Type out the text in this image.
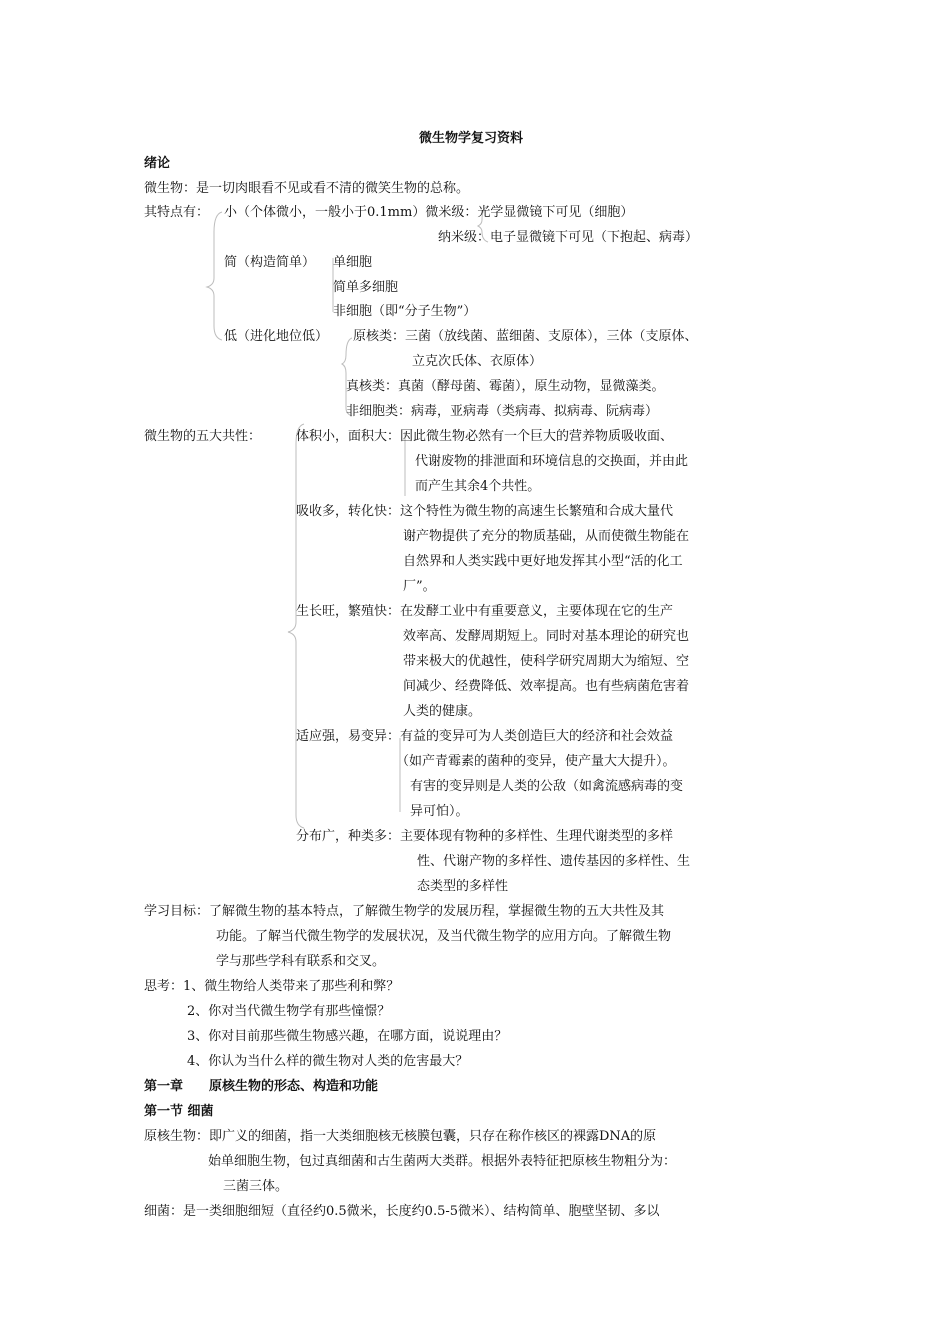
微生物学复习资料
绪论
微生物：是一切肉眼看不见或看不清的微笑生物的总称。
其特点有： 小（个体微小，一般小于0.1mm）微米级：光学显微镜下可见（细胞）
纳米级：电子显微镜下可见（下抱起、病毒）
简（构造简单） 单细胞
简单多细胞
非细胞（即“分子生物”）
低（进化地位低） 原核类：三菌（放线菌、蓝细菌、支原体），三体（支原体、
立克次氏体、衣原体）
真核类：真菌（酵母菌、霉菌），原生动物，显微藻类。
非细胞类：病毒，亚病毒（类病毒、拟病毒、阮病毒）
微生物的五大共性：	体积小，面积大：因此微生物必然有一个巨大的营养物质吸收面、
代谢废物的排泄面和环境信息的交换面，并由此
而产生其余4个共性。
吸收多，转化快：这个特性为微生物的高速生长繁殖和合成大量代
谢产物提供了充分的物质基础，从而使微生物能在
自然界和人类实践中更好地发挥其小型“活的化工
厂”。
生长旺，繁殖快：在发酵工业中有重要意义，主要体现在它的生产
效率高、发酵周期短上。同时对基本理论的研究也
带来极大的优越性，使科学研究周期大为缩短、空
间减少、经费降低、效率提高。也有些病菌危害着
人类的健康。
适应强，易变异：有益的变异可为人类创造巨大的经济和社会效益
（如产青霉素的菌种的变异，使产量大大提升）。
有害的变异则是人类的公敌（如禽流感病毒的变
异可怕）。
分布广，种类多：主要体现有物种的多样性、生理代谢类型的多样
性、代谢产物的多样性、遗传基因的多样性、生
态类型的多样性
学习目标：了解微生物的基本特点，了解微生物学的发展历程，掌握微生物的五大共性及其
功能。了解当代微生物学的发展状况，及当代微生物学的应用方向。了解微生物
学与那些学科有联系和交叉。
思考：1、微生物给人类带来了那些利和弊？
2、你对当代微生物学有那些憧憬？
3、你对目前那些微生物感兴趣，在哪方面，说说理由？
4、你认为当什么样的微生物对人类的危害最大？
第一章　　原核生物的形态、构造和功能
第一节 细菌
原核生物：即广义的细菌，指一大类细胞核无核膜包囊，只存在称作核区的裸露DNA的原
始单细胞生物，包过真细菌和古生菌两大类群。根据外表特征把原核生物粗分为：
三菌三体。
细菌：是一类细胞细短（直径约0.5微米，长度约0.5-5微米）、结构简单、胞壁坚韧、多以
